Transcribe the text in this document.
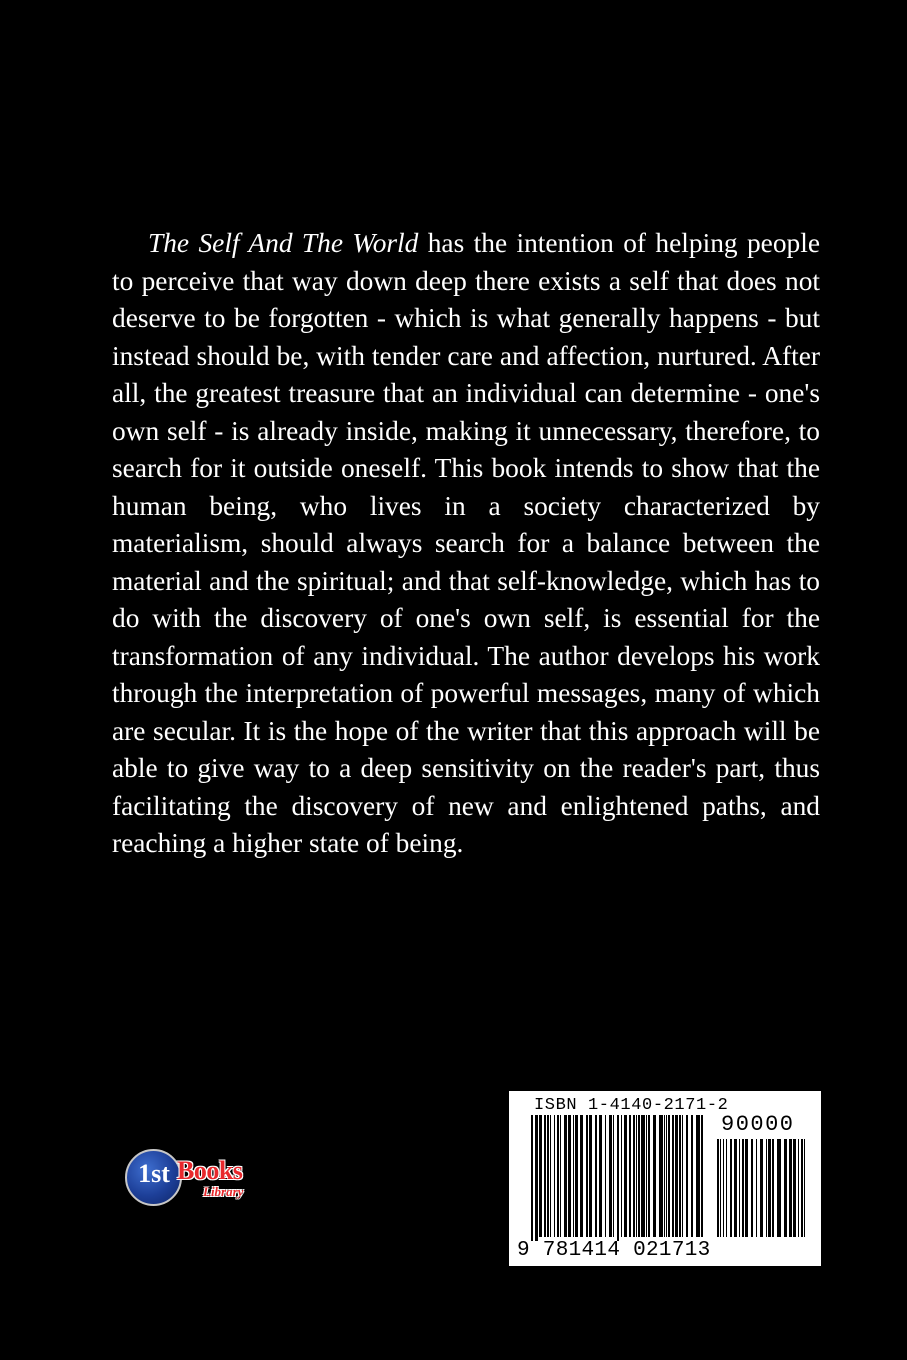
The Self And The World has the intention of helping people to perceive that way down deep there exists a self that does not deserve to be forgotten - which is what generally happens - but instead should be, with tender care and affection, nurtured. After all, the greatest treasure that an individual can determine - one's own self - is already inside, making it unnecessary, therefore, to search for it outside oneself. This book intends to show that the human being, who lives in a society characterized by materialism, should always search for a balance between the material and the spiritual; and that self-knowledge, which has to do with the discovery of one's own self, is essential for the transformation of any individual. The author develops his work through the interpretation of powerful messages, many of which are secular. It is the hope of the writer that this approach will be able to give way to a deep sensitivity on the reader's part, thus facilitating the discovery of new and enlightened paths, and reaching a higher state of being.

1st Books
Library
ISBN 1-4140-2171-2
90000
9 781414 021713
